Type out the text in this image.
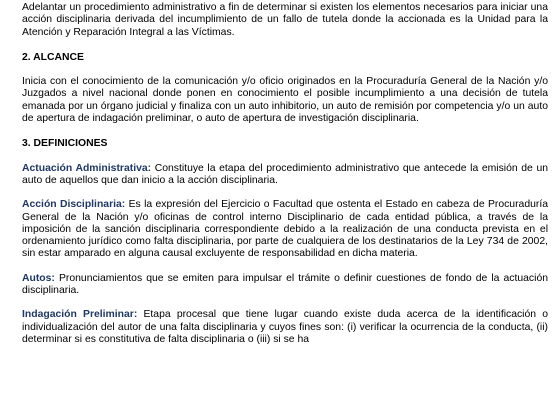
Adelantar un procedimiento administrativo a fin de determinar si existen los elementos necesarios para iniciar una acción disciplinaria derivada del incumplimiento de un fallo de tutela donde la accionada es la Unidad para la Atención y Reparación Integral a las Víctimas.

2. ALCANCE

Inicia con el conocimiento de la comunicación y/o oficio originados en la Procuraduría General de la Nación y/o Juzgados a nivel nacional donde ponen en conocimiento el posible incumplimiento a una decisión de tutela emanada por un órgano judicial y finaliza con un auto inhibitorio, un auto de remisión por competencia y/o un auto de apertura de indagación preliminar, o auto de apertura de investigación disciplinaria.

3. DEFINICIONES

Actuación Administrativa: Constituye la etapa del procedimiento administrativo que antecede la emisión de un auto de aquellos que dan inicio a la acción disciplinaria.

Acción Disciplinaria: Es la expresión del Ejercicio o Facultad que ostenta el Estado en cabeza de Procuraduría General de la Nación y/o oficinas de control interno Disciplinario de cada entidad pública, a través de la imposición de la sanción disciplinaria correspondiente debido a la realización de una conducta prevista en el ordenamiento jurídico como falta disciplinaria, por parte de cualquiera de los destinatarios de la Ley 734 de 2002, sin estar amparado en alguna causal excluyente de responsabilidad en dicha materia.

Autos: Pronunciamientos que se emiten para impulsar el trámite o definir cuestiones de fondo de la actuación disciplinaria.

Indagación Preliminar: Etapa procesal que tiene lugar cuando existe duda acerca de la identificación o individualización del autor de una falta disciplinaria y cuyos fines son: (i) verificar la ocurrencia de la conducta, (ii) determinar si es constitutiva de falta disciplinaria o (iii) si se ha
